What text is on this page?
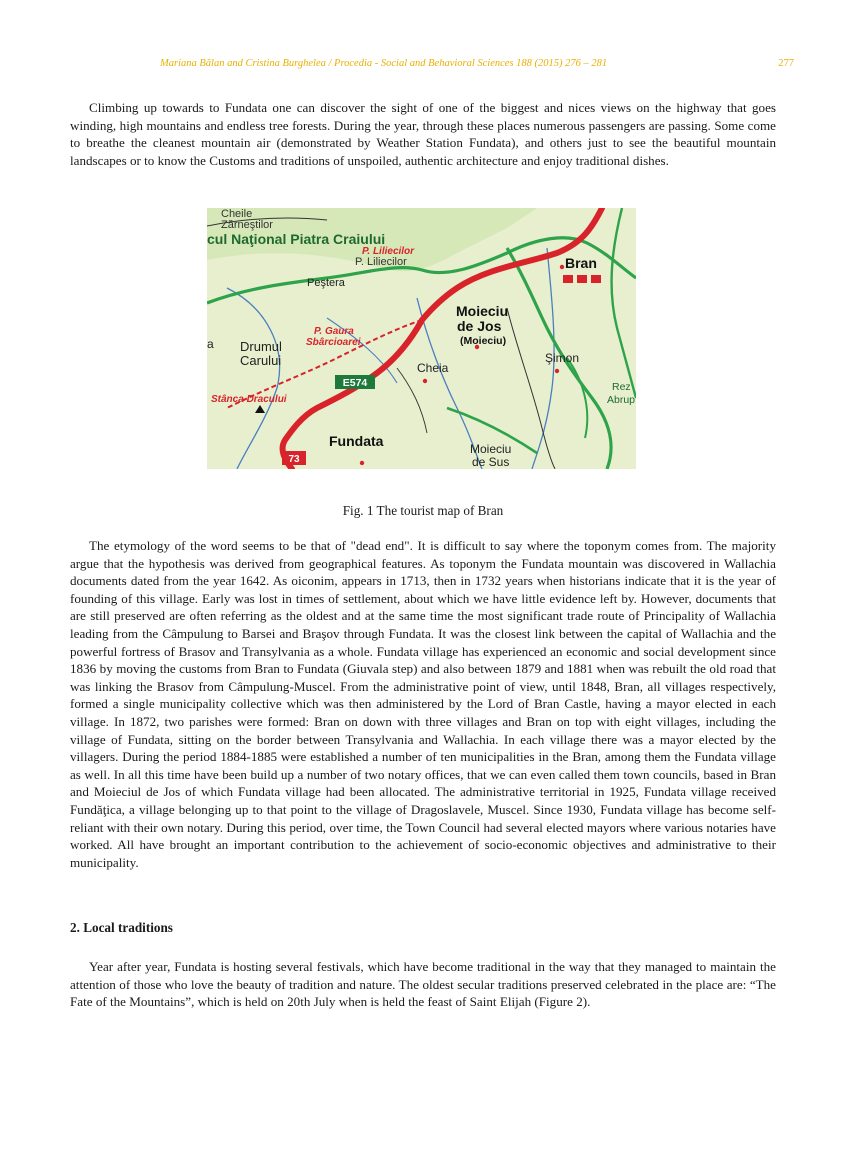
Mariana Bălan and Cristina Burghelea / Procedia - Social and Behavioral Sciences 188 (2015) 276 – 281	277

Climbing up towards to Fundata one can discover the sight of one of the biggest and nices views on the highway that goes winding, high mountains and endless tree forests. During the year, through these places numerous passengers are passing. Some come to breathe the cleanest mountain air (demonstrated by Weather Station Fundata), and others just to see the beautiful mountain landscapes or to know the Customs and traditions of unspoiled, authentic architecture and enjoy traditional dishes.

E574
73
Cheile
Zărneştilor
cul Naţional Piatra Craiului
P. Liliecilor
P. Liliecilor
Peştera
Bran
Moieciu
de Jos
(Moieciu)
P. Gaura
Sbârcioarei
a Drumul
Carului	Cheia
Şimon
Stânca Dracului
Rez
Abrup
Fundata	Moieciu
de Sus
Fig. 1 The tourist map of Bran

The etymology of the word seems to be that of "dead end". It is difficult to say where the toponym comes from. The majority argue that the hypothesis was derived from geographical features. As toponym the Fundata mountain was discovered in Wallachia documents dated from the year 1642. As oiconim, appears in 1713, then in 1732 years when historians indicate that it is the year of founding of this village. Early was lost in times of settlement, about which we have little evidence left by. However, documents that are still preserved are often referring as the oldest and at the same time the most significant trade route of Principality of Wallachia leading from the Câmpulung to Barsei and Braşov through Fundata. It was the closest link between the capital of Wallachia and the powerful fortress of Brasov and Transylvania as a whole. Fundata village has experienced an economic and social development since 1836 by moving the customs from Bran to Fundata (Giuvala step) and also between 1879 and 1881 when was rebuilt the old road that was linking the Brasov from Câmpulung-Muscel. From the administrative point of view, until 1848, Bran, all villages respectively, formed a single municipality collective which was then administered by the Lord of Bran Castle, having a mayor elected in each village. In 1872, two parishes were formed: Bran on down with three villages and Bran on top with eight villages, including the village of Fundata, sitting on the border between Transylvania and Wallachia. In each village there was a mayor elected by the villagers. During the period 1884-1885 were established a number of ten municipalities in the Bran, among them the Fundata village as well. In all this time have been build up a number of two notary offices, that we can even called them town councils, based in Bran and Moieciul de Jos of which Fundata village had been allocated. The administrative territorial in 1925, Fundata village received Fundăţica, a village belonging up to that point to the village of Dragoslavele, Muscel. Since 1930, Fundata village has become self-reliant with their own notary. During this period, over time, the Town Council had several elected mayors where various notaries have worked. All have brought an important contribution to the achievement of socio-economic objectives and administrative to their municipality.

2. Local traditions

Year after year, Fundata is hosting several festivals, which have become traditional in the way that they managed to maintain the attention of those who love the beauty of tradition and nature. The oldest secular traditions preserved celebrated in the place are: “The Fate of the Mountains”, which is held on 20th July when is held the feast of Saint Elijah (Figure 2).
